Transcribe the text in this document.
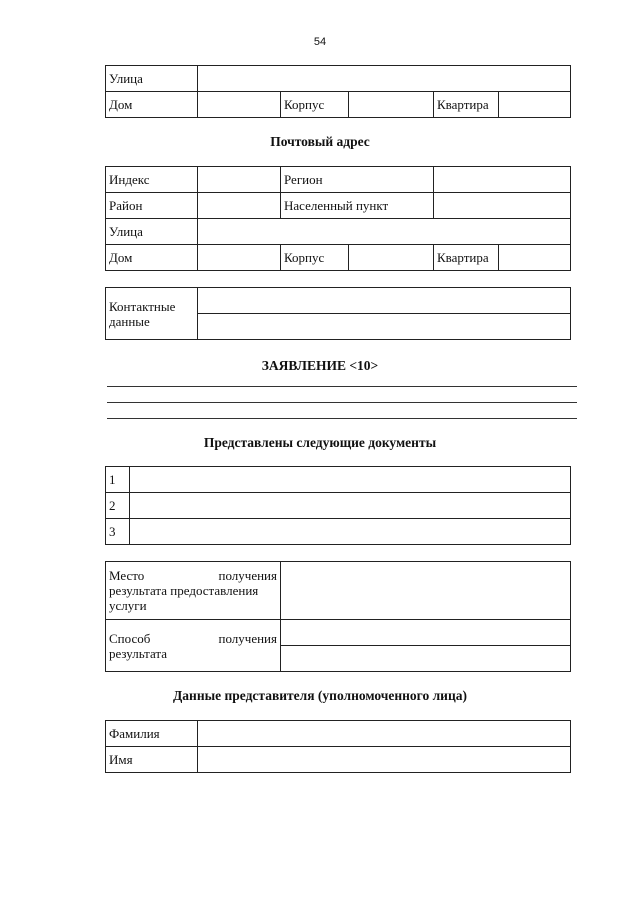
54
Улица					
Дом		Корпус		Квартира	
Почтовый адрес
Индекс		Регион			
Район		Населенный пункт			
Улица					
Дом		Корпус		Квартира	
Контактные
данные

ЗАЯВЛЕНИЕ <10>
Представлены следующие документы
1	
2	
3	
Место получения
результата предоставления
услуги	

Способ получения
результата	

Данные представителя (уполномоченного лица)
Фамилия	
Имя	
